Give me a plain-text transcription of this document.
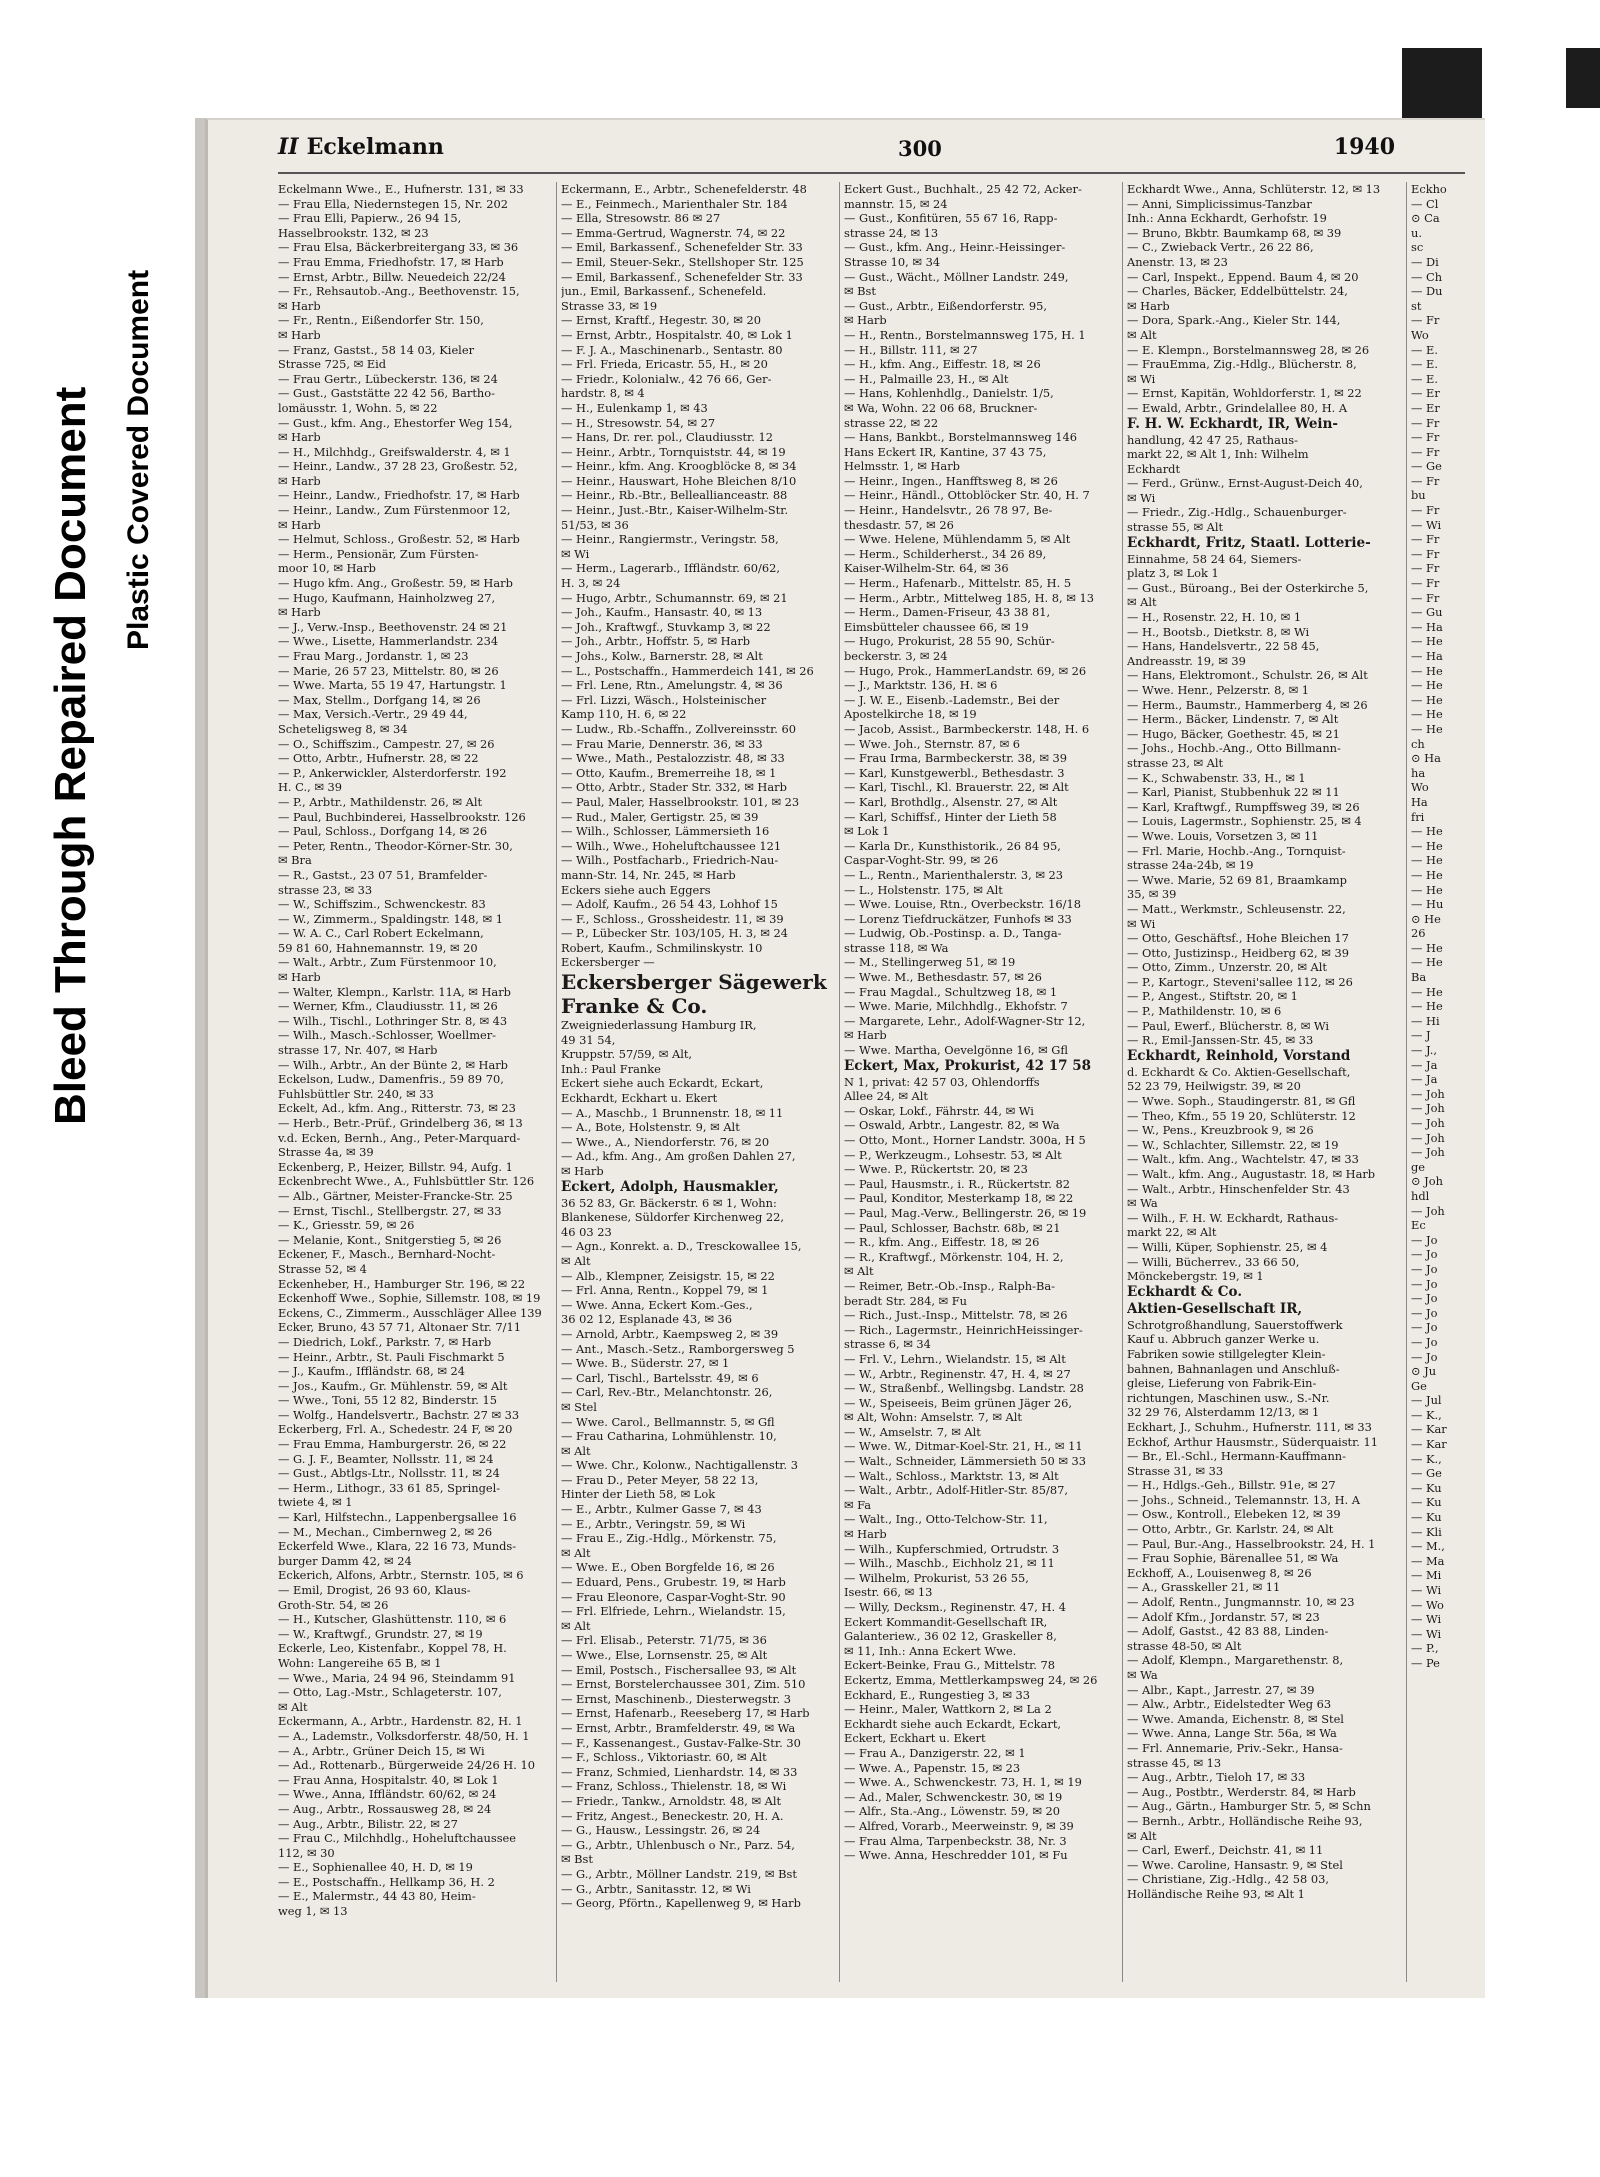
Bleed Through Repaired Document Plastic Covered Document
II Eckelmann	300	1940
Eckelmann Wwe., E., Hufnerstr. 131, ✉ 33
— Frau Ella, Niedernstegen 15, Nr. 202
— Frau Elli, Papierw., 26 94 15,
Hasselbrookstr. 132, ✉ 23
— Frau Elsa, Bäckerbreitergang 33, ✉ 36
— Frau Emma, Friedhofstr. 17, ✉ Harb
— Ernst, Arbtr., Billw. Neuedeich 22/24
— Fr., Rehsautob.-Ang., Beethovenstr. 15,
✉ Harb
— Fr., Rentn., Eißendorfer Str. 150,
✉ Harb
— Franz, Gastst., 58 14 03, Kieler
Strasse 725, ✉ Eid
— Frau Gertr., Lübeckerstr. 136, ✉ 24
— Gust., Gaststätte 22 42 56, Bartho-
lomäusstr. 1, Wohn. 5, ✉ 22
— Gust., kfm. Ang., Ehestorfer Weg 154,
✉ Harb
— H., Milchhdg., Greifswalderstr. 4, ✉ 1
— Heinr., Landw., 37 28 23, Großestr. 52,
✉ Harb
— Heinr., Landw., Friedhofstr. 17, ✉ Harb
— Heinr., Landw., Zum Fürstenmoor 12,
✉ Harb
— Helmut, Schloss., Großestr. 52, ✉ Harb
— Herm., Pensionär, Zum Fürsten-
moor 10, ✉ Harb
— Hugo kfm. Ang., Großestr. 59, ✉ Harb
— Hugo, Kaufmann, Hainholzweg 27,
✉ Harb
— J., Verw.-Insp., Beethovenstr. 24 ✉ 21
— Wwe., Lisette, Hammerlandstr. 234
— Frau Marg., Jordanstr. 1, ✉ 23
— Marie, 26 57 23, Mittelstr. 80, ✉ 26
— Wwe. Marta, 55 19 47, Hartungstr. 1
— Max, Stellm., Dorfgang 14, ✉ 26
— Max, Versich.-Vertr., 29 49 44,
Scheteligsweg 8, ✉ 34
— O., Schiffszim., Campestr. 27, ✉ 26
— Otto, Arbtr., Hufnerstr. 28, ✉ 22
— P., Ankerwickler, Alsterdorferstr. 192
H. C., ✉ 39
— P., Arbtr., Mathildenstr. 26, ✉ Alt
— Paul, Buchbinderei, Hasselbrookstr. 126
— Paul, Schloss., Dorfgang 14, ✉ 26
— Peter, Rentn., Theodor-Körner-Str. 30,
✉ Bra
— R., Gastst., 23 07 51, Bramfelder-
strasse 23, ✉ 33
— W., Schiffszim., Schwenckestr. 83
— W., Zimmerm., Spaldingstr. 148, ✉ 1
— W. A. C., Carl Robert Eckelmann,
59 81 60, Hahnemannstr. 19, ✉ 20
— Walt., Arbtr., Zum Fürstenmoor 10,
✉ Harb
— Walter, Klempn., Karlstr. 11A, ✉ Harb
— Werner, Kfm., Claudiusstr. 11, ✉ 26
— Wilh., Tischl., Lothringer Str. 8, ✉ 43
— Wilh., Masch.-Schlosser, Woellmer-
strasse 17, Nr. 407, ✉ Harb
— Wilh., Arbtr., An der Bünte 2, ✉ Harb
Eckelson, Ludw., Damenfris., 59 89 70,
Fuhlsbüttler Str. 240, ✉ 33
Eckelt, Ad., kfm. Ang., Ritterstr. 73, ✉ 23
— Herb., Betr.-Prüf., Grindelberg 36, ✉ 13
v.d. Ecken, Bernh., Ang., Peter-Marquard-
Strasse 4a, ✉ 39
Eckenberg, P., Heizer, Billstr. 94, Aufg. 1
Eckenbrecht Wwe., A., Fuhlsbüttler Str. 126
— Alb., Gärtner, Meister-Francke-Str. 25
— Ernst, Tischl., Stellbergstr. 27, ✉ 33
— K., Griesstr. 59, ✉ 26
— Melanie, Kont., Snitgerstieg 5, ✉ 26
Eckener, F., Masch., Bernhard-Nocht-
Strasse 52, ✉ 4
Eckenheber, H., Hamburger Str. 196, ✉ 22
Eckenhoff Wwe., Sophie, Sillemstr. 108, ✉ 19
Eckens, C., Zimmerm., Ausschläger Allee 139
Ecker, Bruno, 43 57 71, Altonaer Str. 7/11
— Diedrich, Lokf., Parkstr. 7, ✉ Harb
— Heinr., Arbtr., St. Pauli Fischmarkt 5
— J., Kaufm., Iffländstr. 68, ✉ 24
— Jos., Kaufm., Gr. Mühlenstr. 59, ✉ Alt
— Wwe., Toni, 55 12 82, Binderstr. 15
— Wolfg., Handelsvertr., Bachstr. 27 ✉ 33
Eckerberg, Frl. A., Schedestr. 24 F, ✉ 20
— Frau Emma, Hamburgerstr. 26, ✉ 22
— G. J. F., Beamter, Nollsstr. 11, ✉ 24
— Gust., Abtlgs-Ltr., Nollsstr. 11, ✉ 24
— Herm., Lithogr., 33 61 85, Springel-
twiete 4, ✉ 1
— Karl, Hilfstechn., Lappenbergsallee 16
— M., Mechan., Cimbernweg 2, ✉ 26
Eckerfeld Wwe., Klara, 22 16 73, Munds-
burger Damm 42, ✉ 24
Eckerich, Alfons, Arbtr., Sternstr. 105, ✉ 6
— Emil, Drogist, 26 93 60, Klaus-
Groth-Str. 54, ✉ 26
— H., Kutscher, Glashüttenstr. 110, ✉ 6
— W., Kraftwgf., Grundstr. 27, ✉ 19
Eckerle, Leo, Kistenfabr., Koppel 78, H.
Wohn: Langereihe 65 B, ✉ 1
— Wwe., Maria, 24 94 96, Steindamm 91
— Otto, Lag.-Mstr., Schlageterstr. 107,
✉ Alt
Eckermann, A., Arbtr., Hardenstr. 82, H. 1
— A., Lademstr., Volksdorferstr. 48/50, H. 1
— A., Arbtr., Grüner Deich 15, ✉ Wi
— Ad., Rottenarb., Bürgerweide 24/26 H. 10
— Frau Anna, Hospitalstr. 40, ✉ Lok 1
— Wwe., Anna, Iffländstr. 60/62, ✉ 24
— Aug., Arbtr., Rossausweg 28, ✉ 24
— Aug., Arbtr., Bilistr. 22, ✉ 27
— Frau C., Milchhdlg., Hoheluftchaussee
112, ✉ 30
— E., Sophienallee 40, H. D, ✉ 19
— E., Postschaffn., Hellkamp 36, H. 2
— E., Malermstr., 44 43 80, Heim-
weg 1, ✉ 13
Eckermann, E., Arbtr., Schenefelderstr. 48
— E., Feinmech., Marienthaler Str. 184
— Ella, Stresowstr. 86 ✉ 27
— Emma-Gertrud, Wagnerstr. 74, ✉ 22
— Emil, Barkassenf., Schenefelder Str. 33
— Emil, Steuer-Sekr., Stellshoper Str. 125
— Emil, Barkassenf., Schenefelder Str. 33
jun., Emil, Barkassenf., Schenefeld.
Strasse 33, ✉ 19
— Ernst, Kraftf., Hegestr. 30, ✉ 20
— Ernst, Arbtr., Hospitalstr. 40, ✉ Lok 1
— F. J. A., Maschinenarb., Sentastr. 80
— Frl. Frieda, Ericastr. 55, H., ✉ 20
— Friedr., Kolonialw., 42 76 66, Ger-
hardstr. 8, ✉ 4
— H., Eulenkamp 1, ✉ 43
— H., Stresowstr. 54, ✉ 27
— Hans, Dr. rer. pol., Claudiusstr. 12
— Heinr., Arbtr., Tornquiststr. 44, ✉ 19
— Heinr., kfm. Ang. Kroogblöcke 8, ✉ 34
— Heinr., Hauswart, Hohe Bleichen 8/10
— Heinr., Rb.-Btr., Belleallianceastr. 88
— Heinr., Just.-Btr., Kaiser-Wilhelm-Str.
51/53, ✉ 36
— Heinr., Rangiermstr., Veringstr. 58,
✉ Wi
— Herm., Lagerarb., Iffländstr. 60/62,
H. 3, ✉ 24
— Hugo, Arbtr., Schumannstr. 69, ✉ 21
— Joh., Kaufm., Hansastr. 40, ✉ 13
— Joh., Kraftwgf., Stuvkamp 3, ✉ 22
— Joh., Arbtr., Hoffstr. 5, ✉ Harb
— Johs., Kolw., Barnerstr. 28, ✉ Alt
— L., Postschaffn., Hammerdeich 141, ✉ 26
— Frl. Lene, Rtn., Amelungstr. 4, ✉ 36
— Frl. Lizzi, Wäsch., Holsteinischer
Kamp 110, H. 6, ✉ 22
— Ludw., Rb.-Schaffn., Zollvereinsstr. 60
— Frau Marie, Dennerstr. 36, ✉ 33
— Wwe., Math., Pestalozzistr. 48, ✉ 33
— Otto, Kaufm., Bremerreihe 18, ✉ 1
— Otto, Arbtr., Stader Str. 332, ✉ Harb
— Paul, Maler, Hasselbrookstr. 101, ✉ 23
— Rud., Maler, Gertigstr. 25, ✉ 39
— Wilh., Schlosser, Lämmersieth 16
— Wilh., Wwe., Hoheluftchaussee 121
— Wilh., Postfacharb., Friedrich-Nau-
mann-Str. 14, Nr. 245, ✉ Harb
Eckers siehe auch Eggers
— Adolf, Kaufm., 26 54 43, Lohhof 15
— F., Schloss., Grossheidestr. 11, ✉ 39
— P., Lübecker Str. 103/105, H. 3, ✉ 24
Robert, Kaufm., Schmilinskystr. 10
Eckersberger —
Eckersberger Sägewerk
Franke & Co.
Zweigniederlassung Hamburg IR,
49 31 54,
Kruppstr. 57/59, ✉ Alt,
Inh.: Paul Franke
Eckert siehe auch Eckardt, Eckart,
Eckhardt, Eckhart u. Ekert
— A., Maschb., 1 Brunnenstr. 18, ✉ 11
— A., Bote, Holstenstr. 9, ✉ Alt
— Wwe., A., Niendorferstr. 76, ✉ 20
— Ad., kfm. Ang., Am großen Dahlen 27,
✉ Harb
Eckert, Adolph, Hausmakler,
36 52 83, Gr. Bäckerstr. 6 ✉ 1, Wohn:
Blankenese, Süldorfer Kirchenweg 22,
46 03 23
— Agn., Konrekt. a. D., Tresckowallee 15,
✉ Alt
— Alb., Klempner, Zeisigstr. 15, ✉ 22
— Frl. Anna, Rentn., Koppel 79, ✉ 1
— Wwe. Anna, Eckert Kom.-Ges.,
36 02 12, Esplanade 43, ✉ 36
— Arnold, Arbtr., Kaempsweg 2, ✉ 39
— Ant., Masch.-Setz., Ramborgersweg 5
— Wwe. B., Süderstr. 27, ✉ 1
— Carl, Tischl., Bartelsstr. 49, ✉ 6
— Carl, Rev.-Btr., Melanchtonstr. 26,
✉ Stel
— Wwe. Carol., Bellmannstr. 5, ✉ Gfl
— Frau Catharina, Lohmühlenstr. 10,
✉ Alt
— Wwe. Chr., Kolonw., Nachtigallenstr. 3
— Frau D., Peter Meyer, 58 22 13,
Hinter der Lieth 58, ✉ Lok
— E., Arbtr., Kulmer Gasse 7, ✉ 43
— E., Arbtr., Veringstr. 59, ✉ Wi
— Frau E., Zig.-Hdlg., Mörkenstr. 75,
✉ Alt
— Wwe. E., Oben Borgfelde 16, ✉ 26
— Eduard, Pens., Grubestr. 19, ✉ Harb
— Frau Eleonore, Caspar-Voght-Str. 90
— Frl. Elfriede, Lehrn., Wielandstr. 15,
✉ Alt
— Frl. Elisab., Peterstr. 71/75, ✉ 36
— Wwe., Else, Lornsenstr. 25, ✉ Alt
— Emil, Postsch., Fischersallee 93, ✉ Alt
— Ernst, Borstelerchaussee 301, Zim. 510
— Ernst, Maschinenb., Diesterwegstr. 3
— Ernst, Hafenarb., Reeseberg 17, ✉ Harb
— Ernst, Arbtr., Bramfelderstr. 49, ✉ Wa
— F., Kassenangest., Gustav-Falke-Str. 30
— F., Schloss., Viktoriastr. 60, ✉ Alt
— Franz, Schmied, Lienhardstr. 14, ✉ 33
— Franz, Schloss., Thielenstr. 18, ✉ Wi
— Friedr., Tankw., Arnoldstr. 48, ✉ Alt
— Fritz, Angest., Beneckestr. 20, H. A.
— G., Hausw., Lessingstr. 26, ✉ 24
— G., Arbtr., Uhlenbusch o Nr., Parz. 54,
✉ Bst
— G., Arbtr., Möllner Landstr. 219, ✉ Bst
— G., Arbtr., Sanitasstr. 12, ✉ Wi
— Georg, Pförtn., Kapellenweg 9, ✉ Harb
Eckert Gust., Buchhalt., 25 42 72, Acker-
mannstr. 15, ✉ 24
— Gust., Konfitüren, 55 67 16, Rapp-
strasse 24, ✉ 13
— Gust., kfm. Ang., Heinr.-Heissinger-
Strasse 10, ✉ 34
— Gust., Wächt., Möllner Landstr. 249,
✉ Bst
— Gust., Arbtr., Eißendorferstr. 95,
✉ Harb
— H., Rentn., Borstelmannsweg 175, H. 1
— H., Billstr. 111, ✉ 27
— H., kfm. Ang., Eiffestr. 18, ✉ 26
— H., Palmaille 23, H., ✉ Alt
— Hans, Kohlenhdlg., Danielstr. 1/5,
✉ Wa, Wohn. 22 06 68, Bruckner-
strasse 22, ✉ 22
— Hans, Bankbt., Borstelmannsweg 146
Hans Eckert IR, Kantine, 37 43 75,
Helmsstr. 1, ✉ Harb
— Heinr., Ingen., Hanfftsweg 8, ✉ 26
— Heinr., Händl., Ottoblöcker Str. 40, H. 7
— Heinr., Handelsvtr., 26 78 97, Be-
thesdastr. 57, ✉ 26
— Wwe. Helene, Mühlendamm 5, ✉ Alt
— Herm., Schilderherst., 34 26 89,
Kaiser-Wilhelm-Str. 64, ✉ 36
— Herm., Hafenarb., Mittelstr. 85, H. 5
— Herm., Arbtr., Mittelweg 185, H. 8, ✉ 13
— Herm., Damen-Friseur, 43 38 81,
Eimsbütteler chaussee 66, ✉ 19
— Hugo, Prokurist, 28 55 90, Schür-
beckerstr. 3, ✉ 24
— Hugo, Prok., HammerLandstr. 69, ✉ 26
— J., Marktstr. 136, H. ✉ 6
— J. W. E., Eisenb.-Lademstr., Bei der
Apostelkirche 18, ✉ 19
— Jacob, Assist., Barmbeckerstr. 148, H. 6
— Wwe. Joh., Sternstr. 87, ✉ 6
— Frau Irma, Barmbeckerstr. 38, ✉ 39
— Karl, Kunstgewerbl., Bethesdastr. 3
— Karl, Tischl., Kl. Brauerstr. 22, ✉ Alt
— Karl, Brothdlg., Alsenstr. 27, ✉ Alt
— Karl, Schiffsf., Hinter der Lieth 58
✉ Lok 1
— Karla Dr., Kunsthistorik., 26 84 95,
Caspar-Voght-Str. 99, ✉ 26
— L., Rentn., Marienthalerstr. 3, ✉ 23
— L., Holstenstr. 175, ✉ Alt
— Wwe. Louise, Rtn., Overbeckstr. 16/18
— Lorenz Tiefdruckätzer, Funhofs ✉ 33
— Ludwig, Ob.-Postinsp. a. D., Tanga-
strasse 118, ✉ Wa
— M., Stellingerweg 51, ✉ 19
— Wwe. M., Bethesdastr. 57, ✉ 26
— Frau Magdal., Schultzweg 18, ✉ 1
— Wwe. Marie, Milchhdlg., Ekhofstr. 7
— Margarete, Lehr., Adolf-Wagner-Str 12,
✉ Harb
— Wwe. Martha, Oevelgönne 16, ✉ Gfl
Eckert, Max, Prokurist, 42 17 58
N 1, privat: 42 57 03, Ohlendorffs
Allee 24, ✉ Alt
— Oskar, Lokf., Fährstr. 44, ✉ Wi
— Oswald, Arbtr., Langestr. 82, ✉ Wa
— Otto, Mont., Horner Landstr. 300a, H 5
— P., Werkzeugm., Lohsestr. 53, ✉ Alt
— Wwe. P., Rückertstr. 20, ✉ 23
— Paul, Hausmstr., i. R., Rückertstr. 82
— Paul, Konditor, Mesterkamp 18, ✉ 22
— Paul, Mag.-Verw., Bellingerstr. 26, ✉ 19
— Paul, Schlosser, Bachstr. 68b, ✉ 21
— R., kfm. Ang., Eiffestr. 18, ✉ 26
— R., Kraftwgf., Mörkenstr. 104, H. 2,
✉ Alt
— Reimer, Betr.-Ob.-Insp., Ralph-Ba-
beradt Str. 284, ✉ Fu
— Rich., Just.-Insp., Mittelstr. 78, ✉ 26
— Rich., Lagermstr., HeinrichHeissinger-
strasse 6, ✉ 34
— Frl. V., Lehrn., Wielandstr. 15, ✉ Alt
— W., Arbtr., Reginenstr. 47, H. 4, ✉ 27
— W., Straßenbf., Wellingsbg. Landstr. 28
— W., Speiseeis, Beim grünen Jäger 26,
✉ Alt, Wohn: Amselstr. 7, ✉ Alt
— W., Amselstr. 7, ✉ Alt
— Wwe. W., Ditmar-Koel-Str. 21, H., ✉ 11
— Walt., Schneider, Lämmersieth 50 ✉ 33
— Walt., Schloss., Marktstr. 13, ✉ Alt
— Walt., Arbtr., Adolf-Hitler-Str. 85/87,
✉ Fa
— Walt., Ing., Otto-Telchow-Str. 11,
✉ Harb
— Wilh., Kupferschmied, Ortrudstr. 3
— Wilh., Maschb., Eichholz 21, ✉ 11
— Wilhelm, Prokurist, 53 26 55,
Isestr. 66, ✉ 13
— Willy, Decksm., Reginenstr. 47, H. 4
Eckert Kommandit-Gesellschaft IR,
Galanteriew., 36 02 12, Graskeller 8,
✉ 11, Inh.: Anna Eckert Wwe.
Eckert-Beinke, Frau G., Mittelstr. 78
Eckertz, Emma, Mettlerkampsweg 24, ✉ 26
Eckhard, E., Rungestieg 3, ✉ 33
— Heinr., Maler, Wattkorn 2, ✉ La 2
Eckhardt siehe auch Eckardt, Eckart,
Eckert, Eckhart u. Ekert
— Frau A., Danzigerstr. 22, ✉ 1
— Wwe. A., Papenstr. 15, ✉ 23
— Wwe. A., Schwenckestr. 73, H. 1, ✉ 19
— Ad., Maler, Schwenckestr. 30, ✉ 19
— Alfr., Sta.-Ang., Löwenstr. 59, ✉ 20
— Alfred, Vorarb., Meerweinstr. 9, ✉ 39
— Frau Alma, Tarpenbeckstr. 38, Nr. 3
— Wwe. Anna, Heschredder 101, ✉ Fu
Eckhardt Wwe., Anna, Schlüterstr. 12, ✉ 13
— Anni, Simplicissimus-Tanzbar
Inh.: Anna Eckhardt, Gerhofstr. 19
— Bruno, Bkbtr. Baumkamp 68, ✉ 39
— C., Zwieback Vertr., 26 22 86,
Anenstr. 13, ✉ 23
— Carl, Inspekt., Eppend. Baum 4, ✉ 20
— Charles, Bäcker, Eddelbüttelstr. 24,
✉ Harb
— Dora, Spark.-Ang., Kieler Str. 144,
✉ Alt
— E. Klempn., Borstelmannsweg 28, ✉ 26
— FrauEmma, Zig.-Hdlg., Blücherstr. 8,
✉ Wi
— Ernst, Kapitän, Wohldorferstr. 1, ✉ 22
— Ewald, Arbtr., Grindelallee 80, H. A
F. H. W. Eckhardt, IR, Wein-
handlung, 42 47 25, Rathaus-
markt 22, ✉ Alt 1, Inh: Wilhelm
Eckhardt
— Ferd., Grünw., Ernst-August-Deich 40,
✉ Wi
— Friedr., Zig.-Hdlg., Schauenburger-
strasse 55, ✉ Alt
Eckhardt, Fritz, Staatl. Lotterie-
Einnahme, 58 24 64, Siemers-
platz 3, ✉ Lok 1
— Gust., Büroang., Bei der Osterkirche 5,
✉ Alt
— H., Rosenstr. 22, H. 10, ✉ 1
— H., Bootsb., Dietkstr. 8, ✉ Wi
— Hans, Handelsvertr., 22 58 45,
Andreasstr. 19, ✉ 39
— Hans, Elektromont., Schulstr. 26, ✉ Alt
— Wwe. Henr., Pelzerstr. 8, ✉ 1
— Herm., Baumstr., Hammerberg 4, ✉ 26
— Herm., Bäcker, Lindenstr. 7, ✉ Alt
— Hugo, Bäcker, Goethestr. 45, ✉ 21
— Johs., Hochb.-Ang., Otto Billmann-
strasse 23, ✉ Alt
— K., Schwabenstr. 33, H., ✉ 1
— Karl, Pianist, Stubbenhuk 22 ✉ 11
— Karl, Kraftwgf., Rumpffsweg 39, ✉ 26
— Louis, Lagermstr., Sophienstr. 25, ✉ 4
— Wwe. Louis, Vorsetzen 3, ✉ 11
— Frl. Marie, Hochb.-Ang., Tornquist-
strasse 24a-24b, ✉ 19
— Wwe. Marie, 52 69 81, Braamkamp
35, ✉ 39
— Matt., Werkmstr., Schleusenstr. 22,
✉ Wi
— Otto, Geschäftsf., Hohe Bleichen 17
— Otto, Justizinsp., Heidberg 62, ✉ 39
— Otto, Zimm., Unzerstr. 20, ✉ Alt
— P., Kartogr., Steveni'sallee 112, ✉ 26
— P., Angest., Stiftstr. 20, ✉ 1
— P., Mathildenstr. 10, ✉ 6
— Paul, Ewerf., Blücherstr. 8, ✉ Wi
— R., Emil-Janssen-Str. 45, ✉ 33
Eckhardt, Reinhold, Vorstand
d. Eckhardt & Co. Aktien-Gesellschaft,
52 23 79, Heilwigstr. 39, ✉ 20
— Wwe. Soph., Staudingerstr. 81, ✉ Gfl
— Theo, Kfm., 55 19 20, Schlüterstr. 12
— W., Pens., Kreuzbrook 9, ✉ 26
— W., Schlachter, Sillemstr. 22, ✉ 19
— Walt., kfm. Ang., Wachtelstr. 47, ✉ 33
— Walt., kfm. Ang., Augustastr. 18, ✉ Harb
— Walt., Arbtr., Hinschenfelder Str. 43
✉ Wa
— Wilh., F. H. W. Eckhardt, Rathaus-
markt 22, ✉ Alt
— Willi, Küper, Sophienstr. 25, ✉ 4
— Willi, Bücherrev., 33 66 50,
Mönckebergstr. 19, ✉ 1
Eckhardt & Co.
Aktien-Gesellschaft IR,
Schrotgroßhandlung, Sauerstoffwerk
Kauf u. Abbruch ganzer Werke u.
Fabriken sowie stillgelegter Klein-
bahnen, Bahnanlagen und Anschluß-
gleise, Lieferung von Fabrik-Ein-
richtungen, Maschinen usw., S.-Nr.
32 29 76, Alsterdamm 12/13, ✉ 1
Eckhart, J., Schuhm., Hufnerstr. 111, ✉ 33
Eckhof, Arthur Hausmstr., Süderquaistr. 11
— Br., El.-Schl., Hermann-Kauffmann-
Strasse 31, ✉ 33
— H., Hdlgs.-Geh., Billstr. 91e, ✉ 27
— Johs., Schneid., Telemannstr. 13, H. A
— Osw., Kontroll., Elebeken 12, ✉ 39
— Otto, Arbtr., Gr. Karlstr. 24, ✉ Alt
— Paul, Bur.-Ang., Hasselbrookstr. 24, H. 1
— Frau Sophie, Bärenallee 51, ✉ Wa
Eckhoff, A., Louisenweg 8, ✉ 26
— A., Grasskeller 21, ✉ 11
— Adolf, Rentn., Jungmannstr. 10, ✉ 23
— Adolf Kfm., Jordanstr. 57, ✉ 23
— Adolf, Gastst., 42 83 88, Linden-
strasse 48-50, ✉ Alt
— Adolf, Klempn., Margarethenstr. 8,
✉ Wa
— Albr., Kapt., Jarrestr. 27, ✉ 39
— Alw., Arbtr., Eidelstedter Weg 63
— Wwe. Amanda, Eichenstr. 8, ✉ Stel
— Wwe. Anna, Lange Str. 56a, ✉ Wa
— Frl. Annemarie, Priv.-Sekr., Hansa-
strasse 45, ✉ 13
— Aug., Arbtr., Tieloh 17, ✉ 33
— Aug., Postbtr., Werderstr. 84, ✉ Harb
— Aug., Gärtn., Hamburger Str. 5, ✉ Schn
— Bernh., Arbtr., Holländische Reihe 93,
✉ Alt
— Carl, Ewerf., Deichstr. 41, ✉ 11
— Wwe. Caroline, Hansastr. 9, ✉ Stel
— Christiane, Zig.-Hdlg., 42 58 03,
Holländische Reihe 93, ✉ Alt 1
Eckho
— Cl
⊙ Ca
u.
sc
— Di
— Ch
— Du
st
— Fr
Wo
— E.
— E.
— E.
— Er
— Er
— Fr
— Fr
— Fr
— Ge
— Fr
bu
— Fr
— Wi
— Fr
— Fr
— Fr
— Fr
— Fr
— Gu
— Ha
— He
— Ha
— He
— He
— He
— He
— He
ch
⊙ Ha
ha
Wo
Ha
fri
— He
— He
— He
— He
— He
— Hu
⊙ He
26
— He
— He
Ba
— He
— He
— Hi
— J
— J.,
— Ja
— Ja
— Joh
— Joh
— Joh
— Joh
— Joh
ge
⊙ Joh
hdl
— Joh
Ec
— Jo
— Jo
— Jo
— Jo
— Jo
— Jo
— Jo
— Jo
— Jo
⊙ Ju
Ge
— Jul
— K.,
— Kar
— Kar
— K.,
— Ge
— Ku
— Ku
— Ku
— Kli
— M.,
— Ma
— Mi
— Wi
— Wo
— Wi
— Wi
— P.,
— Pe
